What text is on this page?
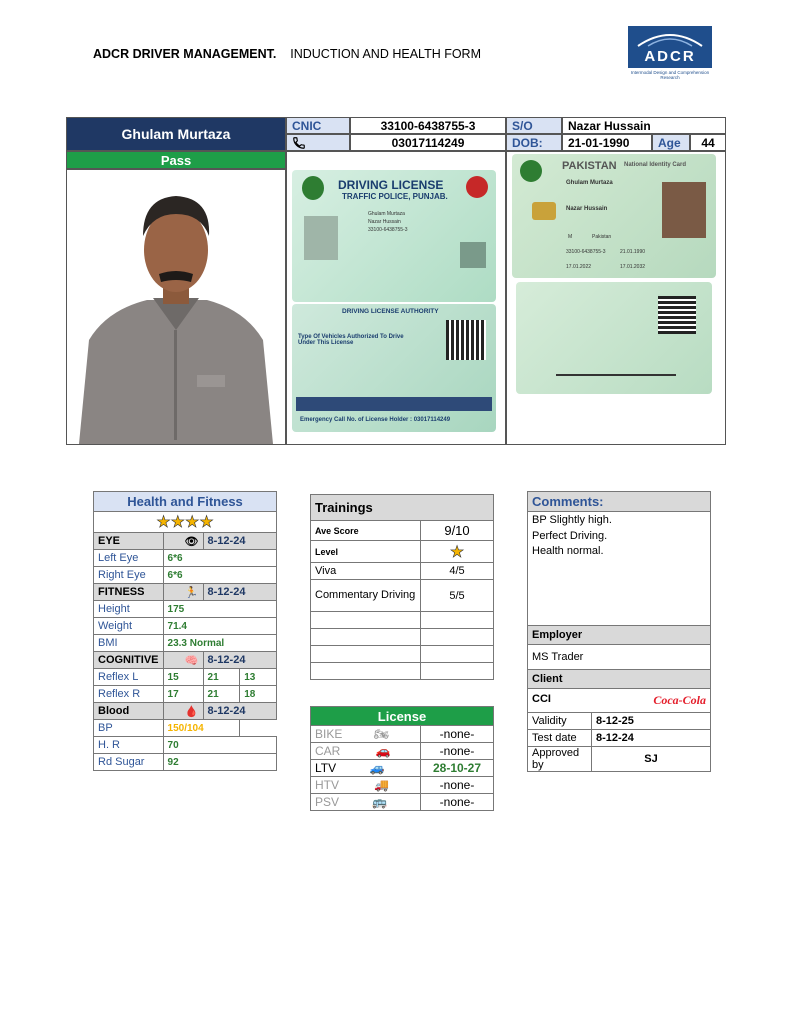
ADCR DRIVER MANAGEMENT. INDUCTION AND HEALTH FORM	ADCR
Intermodal Design and Comprehension Research
Ghulam Murtaza
CNIC	33100-6438755-3	S/O	Nazar Hussain
03017114249	DOB:	21-01-1990	Age	44
Pass
DRIVING LICENSE
TRAFFIC POLICE, PUNJAB.
Ghulam Murtaza
Nazar Hussain
33100-6438755-3
DRIVING LICENSE AUTHORITY
Type Of Vehicles Authorized To Drive Under This License
Emergency Call No. of License Holder : 03017114249
PAKISTAN National Identity Card
Ghulam Murtaza
Nazar Hussain
M	Pakistan
33100-6438755-3	21.01.1990
17.01.2022	17.01.2032
Health and Fitness			
★★★★			
EYE	👁	8-12-24	
Left Eye	6*6		
Right Eye	6*6		
FITNESS	🏃	8-12-24	
Height	175		
Weight	71.4		
BMI	23.3 Normal		
COGNITIVE	🧠	8-12-24	
Reflex L	15	21	13
Reflex R	17	21	18
Blood	🩸	8-12-24	
BP	150/104		
H. R	70		
Rd Sugar	92		
Trainings	
Ave Score	9/10
Level	★
Viva	4/5
Commentary Driving	5/5

License	
BIKE 🏍	-none-
CAR 🚗	-none-
LTV 🚙	28-10-27
HTV 🚚	-none-
PSV 🚌	-none-
Comments:	

BP Slightly high.
Perfect Driving.
Health normal.	

Employer	
MS Trader	
Client	
CCI Coca-Cola	

Validity	8-12-25
Test date	8-12-24
Approved by	SJ
